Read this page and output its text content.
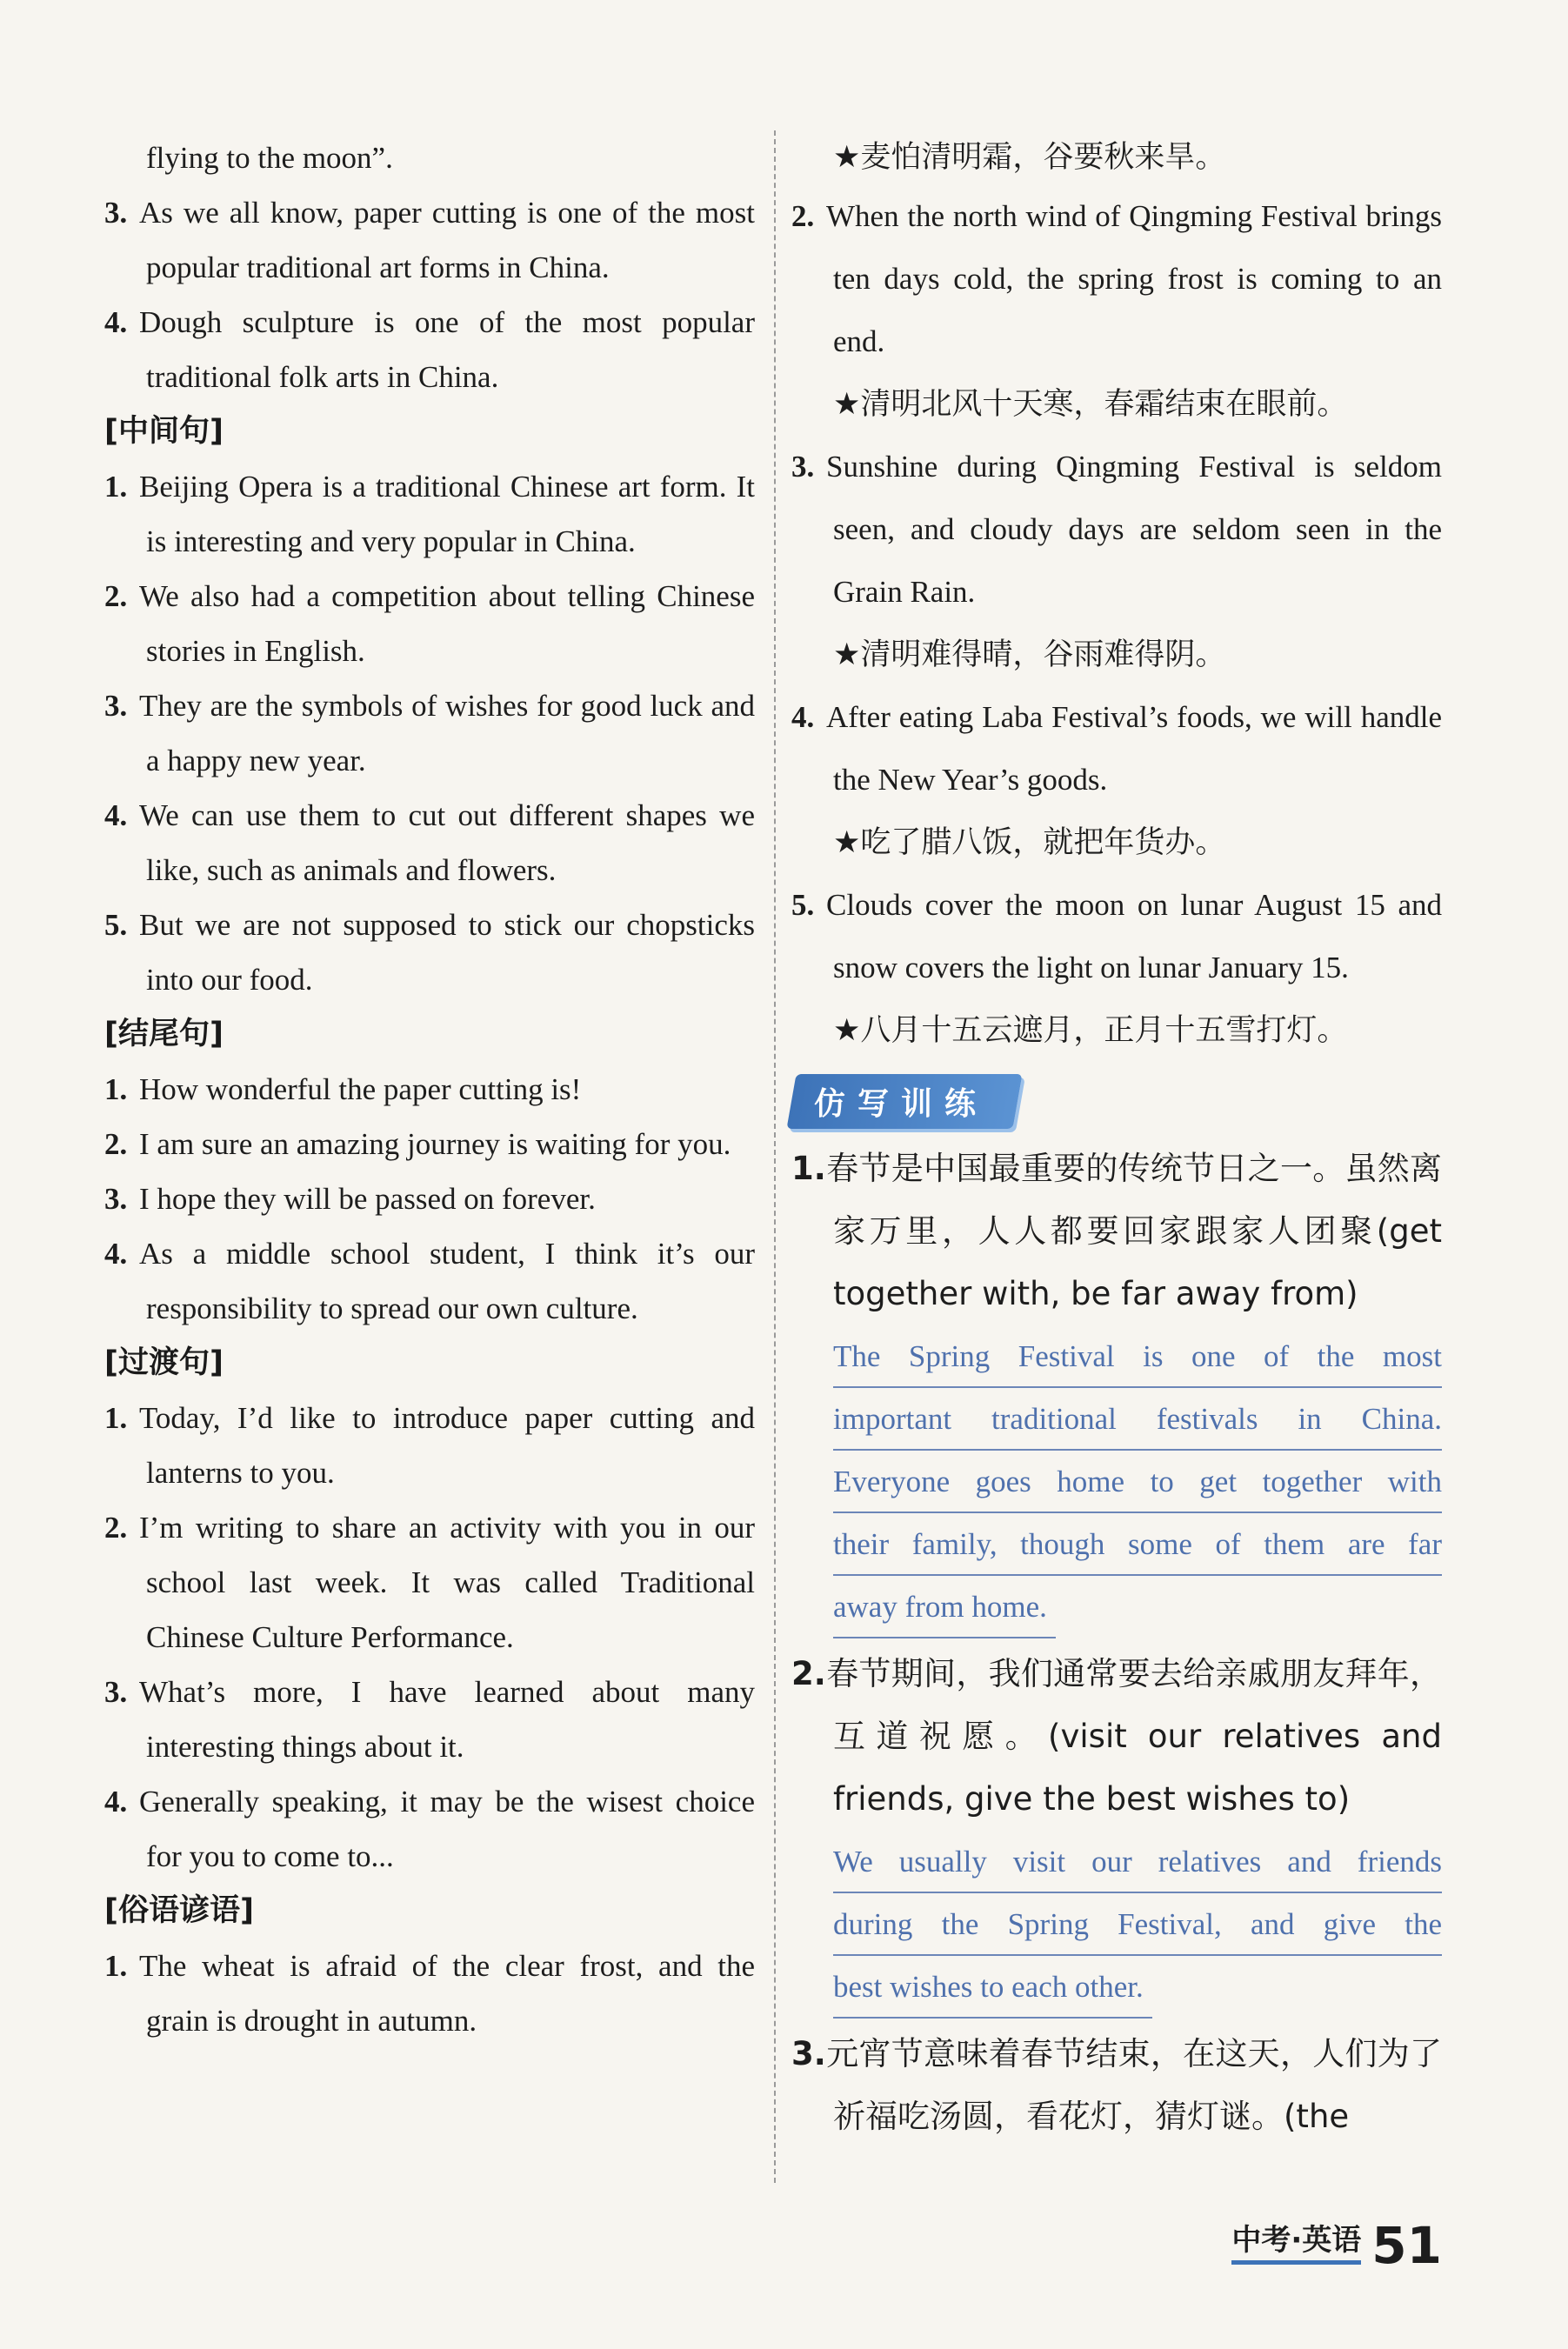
flying to the moon”.

3. As we all know, paper cutting is one of the most popular traditional art forms in China.

4. Dough sculpture is one of the most popular traditional folk arts in China.

[中间句]

1. Beijing Opera is a traditional Chinese art form. It is interesting and very popular in China.

2. We also had a competition about telling Chinese stories in English.

3. They are the symbols of wishes for good luck and a happy new year.

4. We can use them to cut out different shapes we like, such as animals and flowers.

5. But we are not supposed to stick our chopsticks into our food.

[结尾句]

1. How wonderful the paper cutting is!

2. I am sure an amazing journey is waiting for you.

3. I hope they will be passed on forever.

4. As a middle school student, I think it’s our responsibility to spread our own culture.

[过渡句]

1. Today, I’d like to introduce paper cutting and lanterns to you.

2. I’m writing to share an activity with you in our school last week. It was called Traditional Chinese Culture Performance.

3. What’s more, I have learned about many interesting things about it.

4. Generally speaking, it may be the wisest choice for you to come to...

[俗语谚语]

1. The wheat is afraid of the clear frost, and the grain is drought in autumn.

★麦怕清明霜，谷要秋来旱。

2. When the north wind of Qingming Festival brings ten days cold, the spring frost is coming to an end.

★清明北风十天寒，春霜结束在眼前。

3. Sunshine during Qingming Festival is seldom seen, and cloudy days are seldom seen in the Grain Rain.

★清明难得晴，谷雨难得阴。

4. After eating Laba Festival’s foods, we will handle the New Year’s goods.

★吃了腊八饭，就把年货办。

5. Clouds cover the moon on lunar August 15 and snow covers the light on lunar January 15.

★八月十五云遮月，正月十五雪打灯。

仿写训练

1.春节是中国最重要的传统节日之一。虽然离家万里，人人都要回家跟家人团聚(get together with, be far away from)

The Spring Festival is one of the most
important traditional festivals in China.
Everyone goes home to get together with
their family, though some of them are far
away from home.

2.春节期间，我们通常要去给亲戚朋友拜年，互道祝愿。(visit our relatives and friends, give the best wishes to)

We usually visit our relatives and friends
during the Spring Festival, and give the
best wishes to each other.

3.元宵节意味着春节结束，在这天，人们为了祈福吃汤圆，看花灯，猜灯谜。(the

中考·英语 51
